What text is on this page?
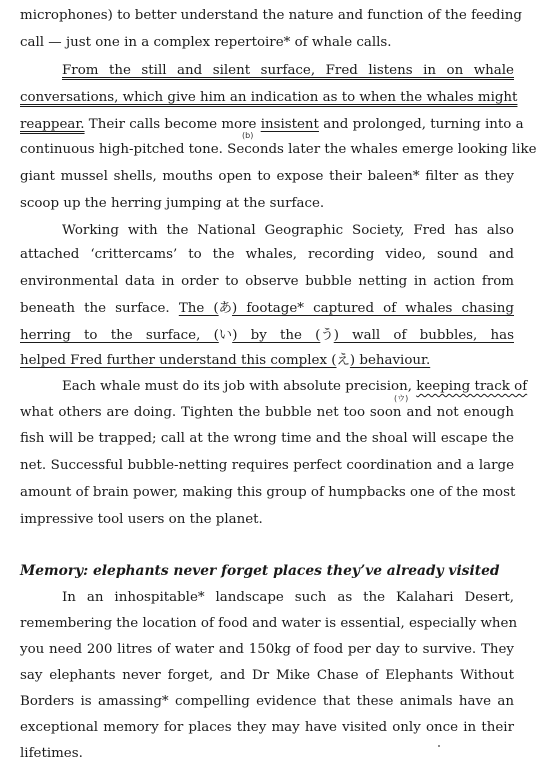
microphones) to better understand the nature and function of the feeding
call — just one in a complex repertoire* of whale calls.
From the still and silent surface, Fred listens in on whale
conversations, which give him an indication as to when the whales might
reappear. Their calls become more insistent and prolonged, turning into a
(b)
continuous high-pitched tone. Seconds later the whales emerge looking like
giant mussel shells, mouths open to expose their baleen* filter as they
scoop up the herring jumping at the surface.
Working with the National Geographic Society, Fred has also
attached ‘crittercams’ to the whales, recording video, sound and
environmental data in order to observe bubble netting in action from
beneath the surface. The (あ) footage* captured of whales chasing
herring to the surface, (い) by the (う) wall of bubbles, has
helped Fred further understand this complex (え) behaviour.
Each whale must do its job with absolute precision, keeping track of
(ウ)
what others are doing. Tighten the bubble net too soon and not enough
fish will be trapped; call at the wrong time and the shoal will escape the
net. Successful bubble-netting requires perfect coordination and a large
amount of brain power, making this group of humpbacks one of the most
impressive tool users on the planet.
Memory: elephants never forget places they’ve already visited
In an inhospitable* landscape such as the Kalahari Desert,
remembering the location of food and water is essential, especially when
you need 200 litres of water and 150kg of food per day to survive. They
say elephants never forget, and Dr Mike Chase of Elephants Without
Borders is amassing* compelling evidence that these animals have an
exceptional memory for places they may have visited only once in their
lifetimes.
